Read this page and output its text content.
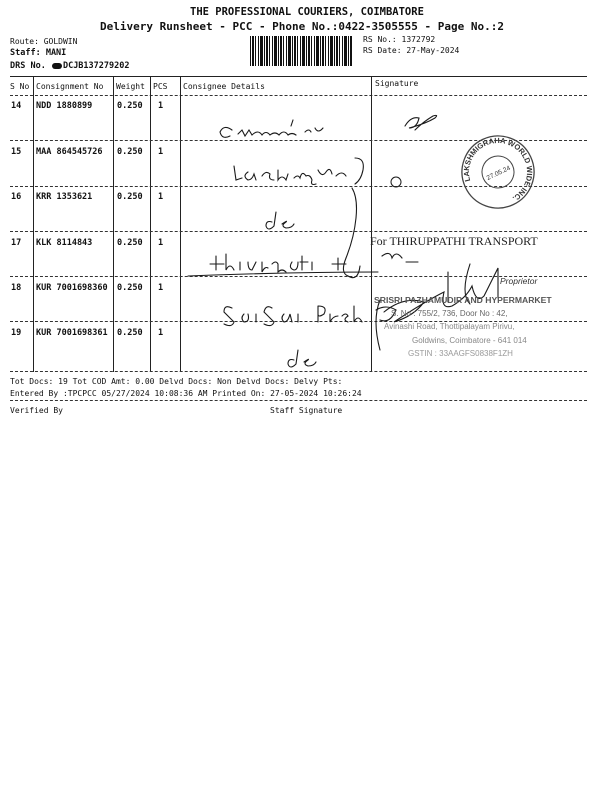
THE PROFESSIONAL COURIERS, COIMBATORE
Delivery Runsheet - PCC - Phone No.:0422-3505555 - Page No.:2
Route: GOLDWIN
Staff: MANI
DRS No. DCJB137279202
RS No.: 1372792
RS Date: 27-May-2024
S No Consignment No Weight PCS Consignee Details	Signature
14 NDD 1880899	0.250 1
15 MAA 864545726 0.250 1
16 KRR 1353621	0.250 1
17 KLK 8114843	0.250 1
18 KUR 7001698360 0.250 1
19 KUR 7001698361 0.250 1
LAKSHMIGRAHA WORLD WIDE INC.
27.05.24
For THIRUPPATHI TRANSPORT
Proprietor
SRISRI PAZHAMUDIR AND HYPERMARKET
S. No : 755/2, 736, Door No : 42,
Avinashi Road, Thottipalayam Pirivu,
Goldwins, Coimbatore - 641 014
GSTIN : 33AAGFS0838F1ZH
Tot Docs: 19 Tot COD Amt: 0.00 Delvd Docs: Non Delvd Docs: Delvy Pts:
Entered By :TPCPCC 05/27/2024 10:08:36 AM Printed On: 27-05-2024 10:26:24
Verified By	Staff Signature
